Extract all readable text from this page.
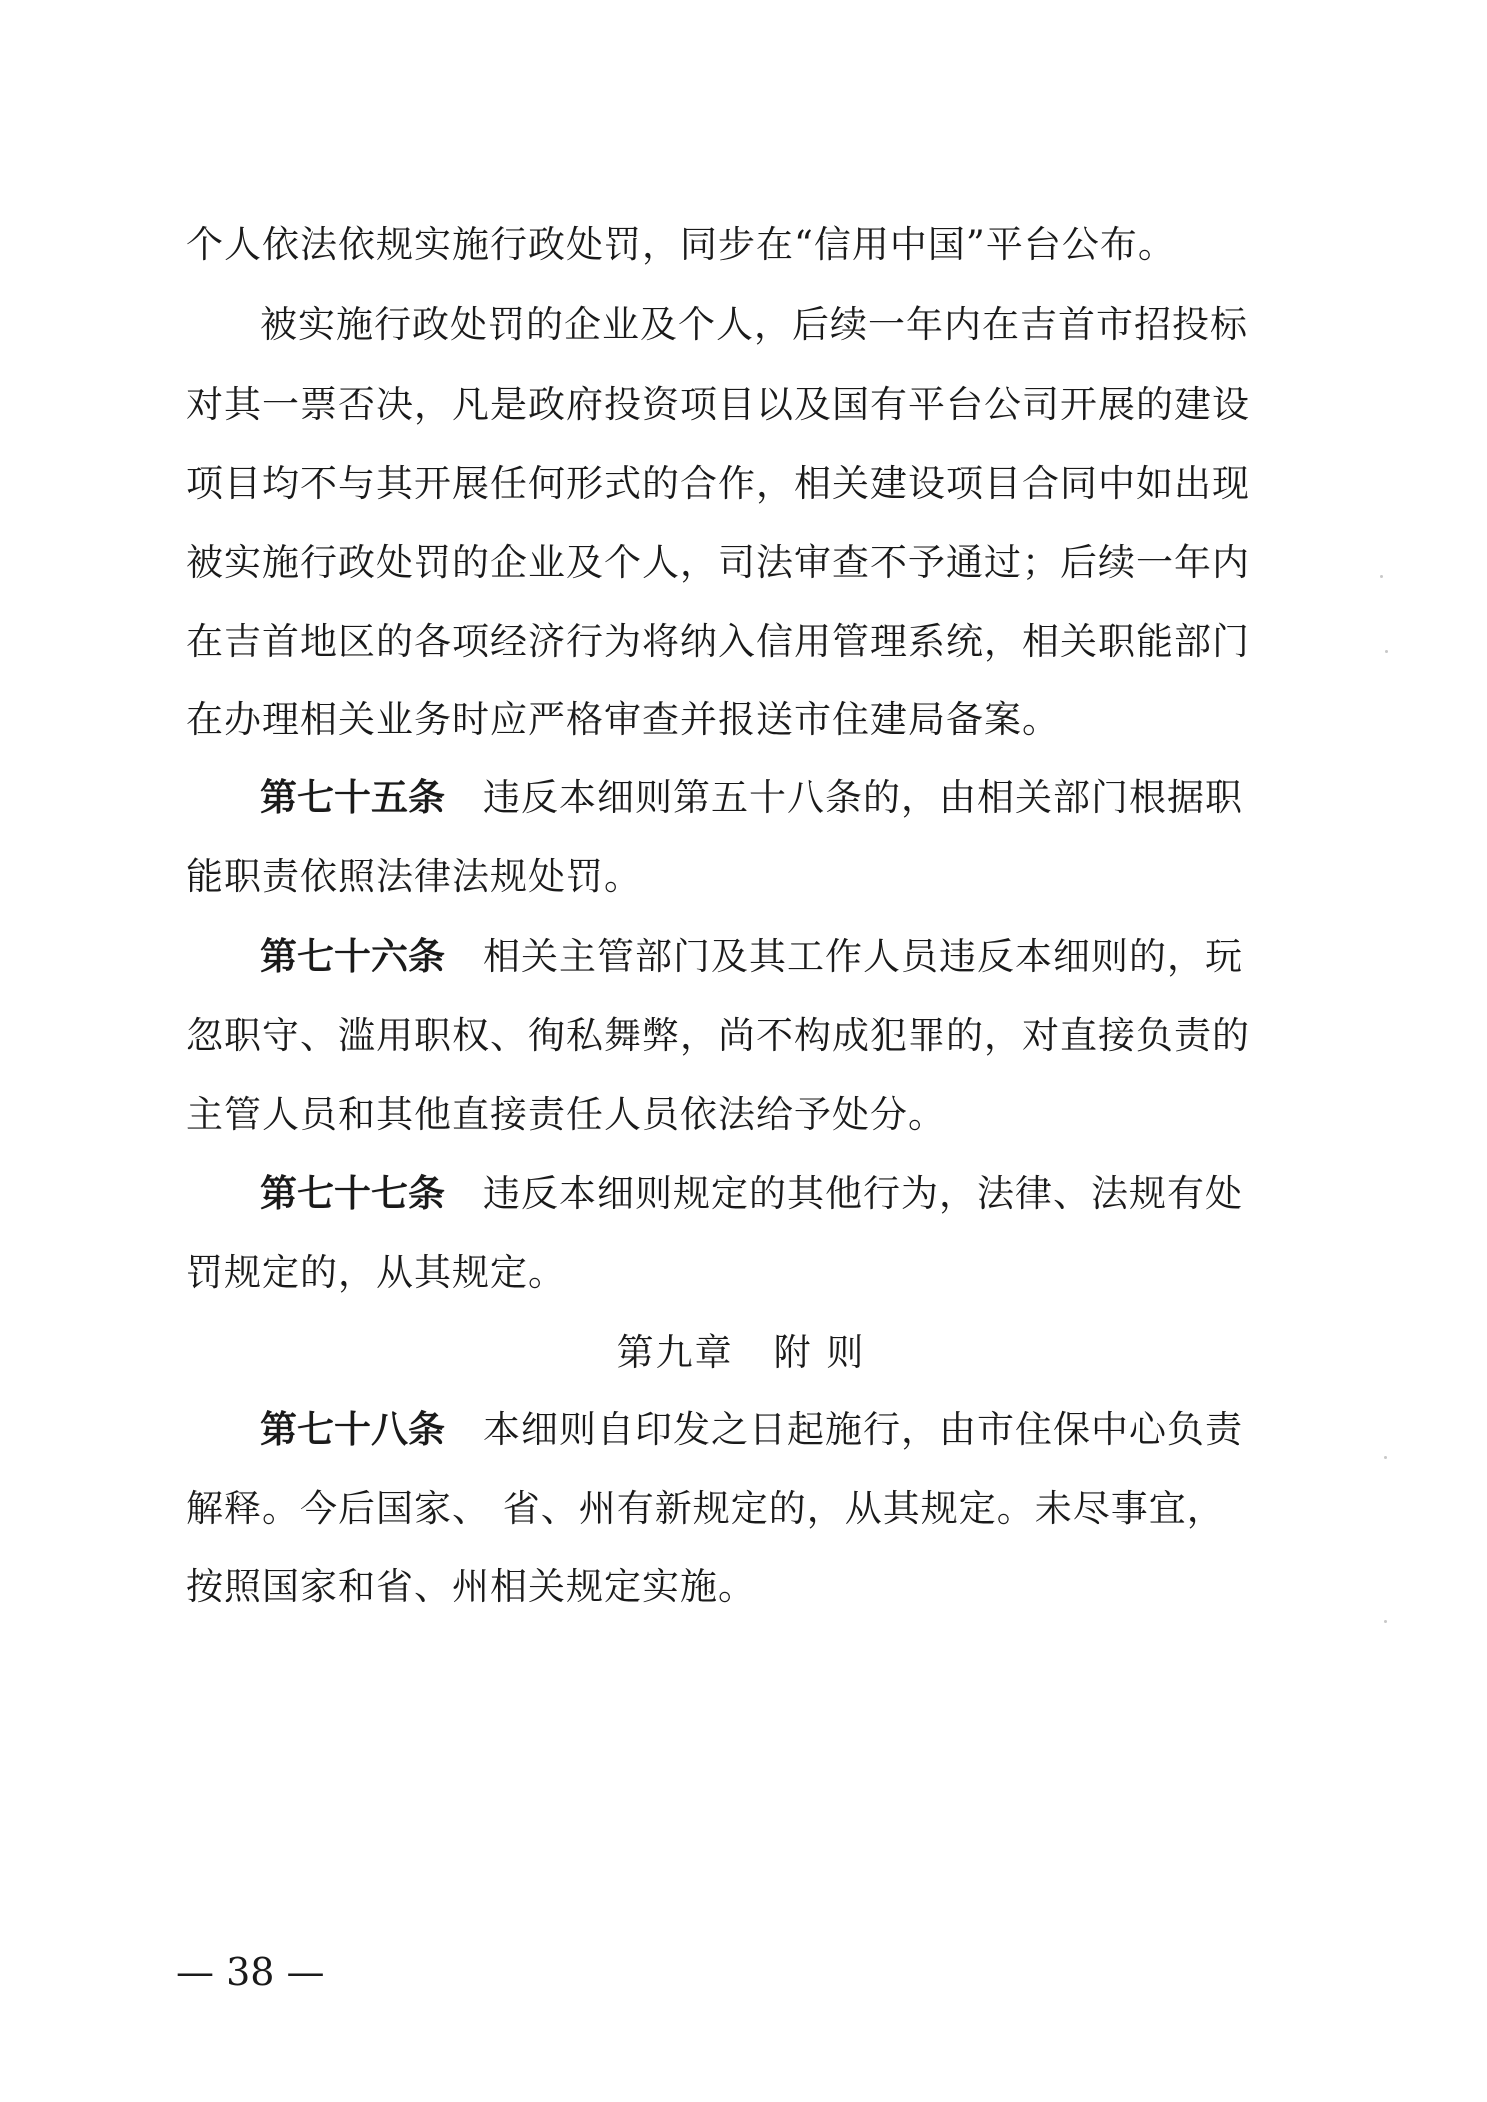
个人依法依规实施行政处罚，同步在“信用中国”平台公布。
被实施行政处罚的企业及个人，后续一年内在吉首市招投标
对其一票否决，凡是政府投资项目以及国有平台公司开展的建设
项目均不与其开展任何形式的合作，相关建设项目合同中如出现
被实施行政处罚的企业及个人，司法审查不予通过；后续一年内
在吉首地区的各项经济行为将纳入信用管理系统，相关职能部门
在办理相关业务时应严格审查并报送市住建局备案。
第七十五条 违反本细则第五十八条的，由相关部门根据职
能职责依照法律法规处罚。
第七十六条 相关主管部门及其工作人员违反本细则的，玩
忽职守、滥用职权、徇私舞弊，尚不构成犯罪的，对直接负责的
主管人员和其他直接责任人员依法给予处分。
第七十七条 违反本细则规定的其他行为，法律、法规有处
罚规定的，从其规定。
第九章 附 则
第七十八条 本细则自印发之日起施行，由市住保中心负责
解释。今后国家、 省、州有新规定的，从其规定。未尽事宜，
按照国家和省、州相关规定实施。
— 38 —
